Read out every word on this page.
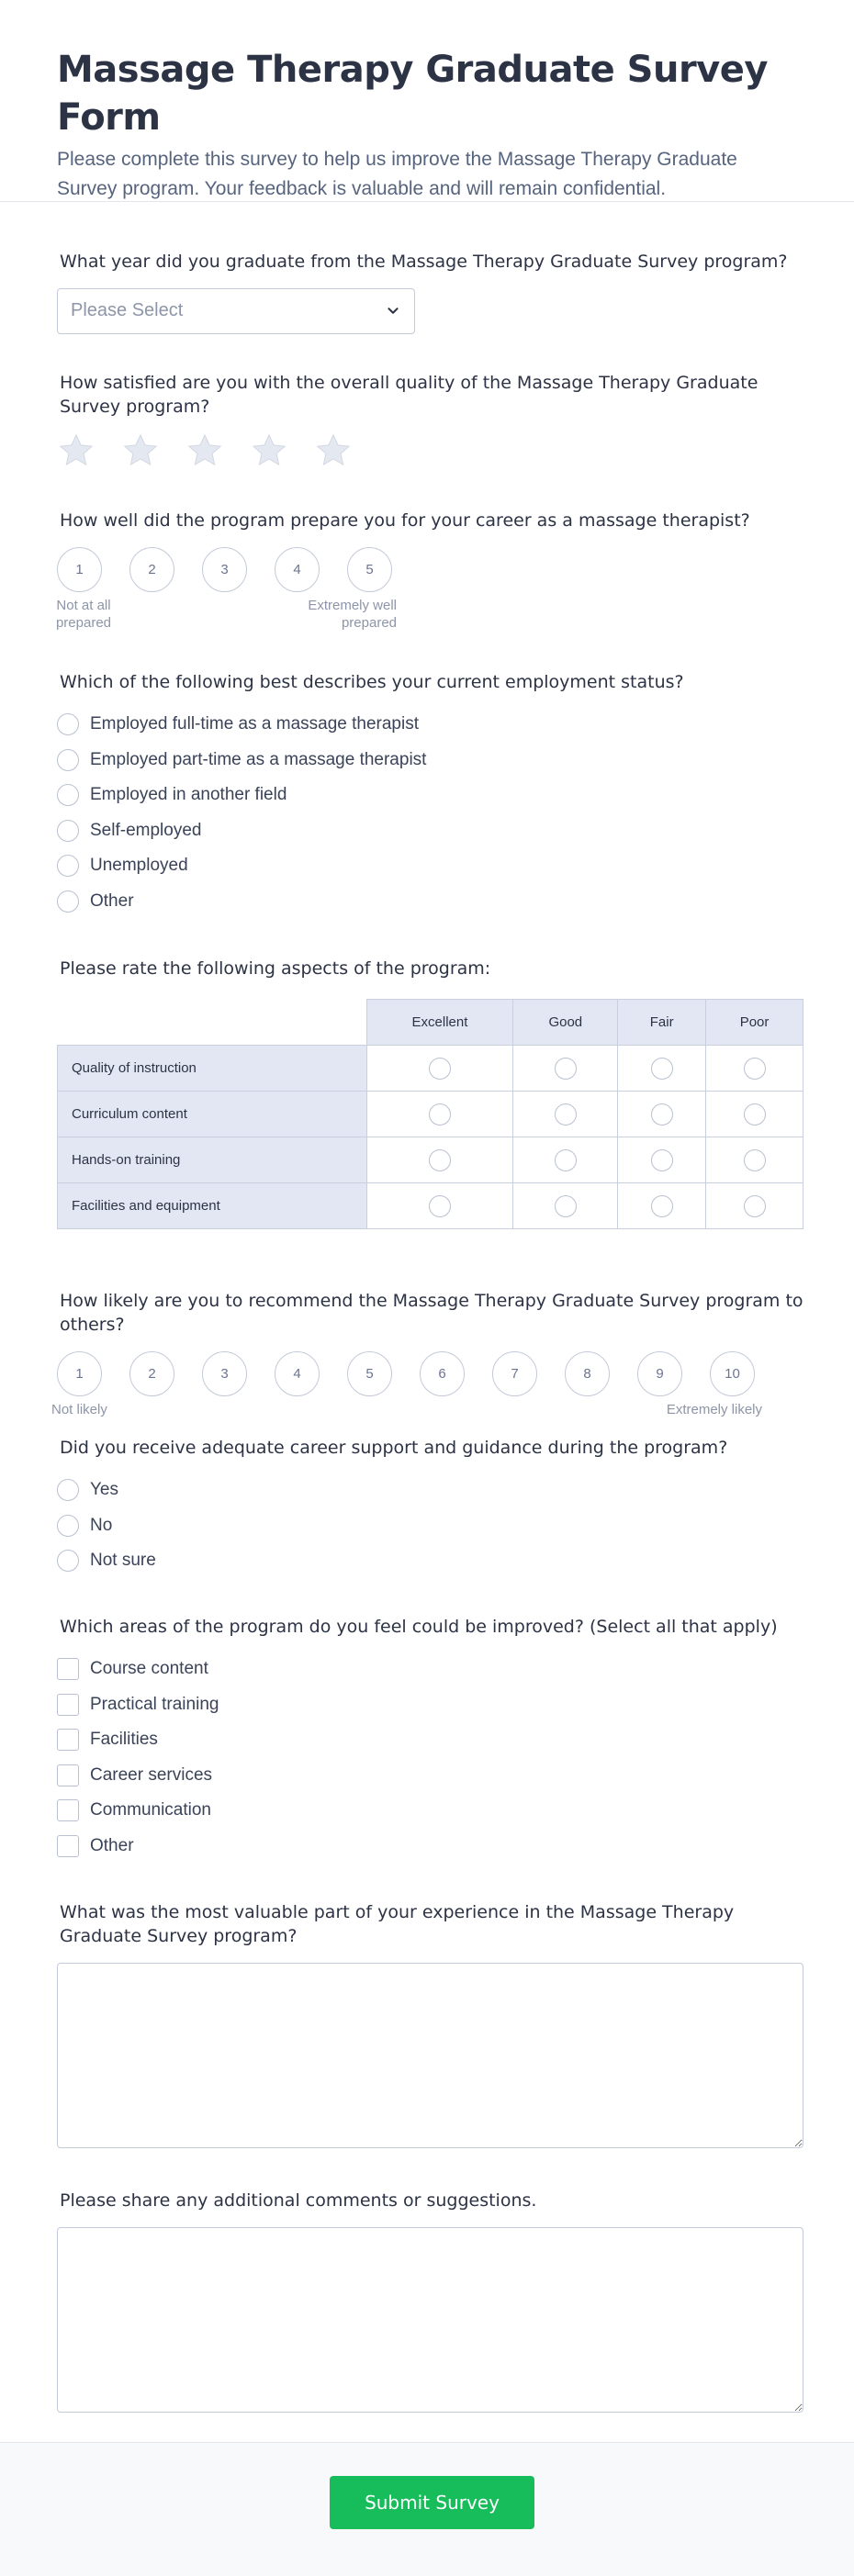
Massage Therapy Graduate Survey Form

Please complete this survey to help us improve the Massage Therapy Graduate Survey program. Your feedback is valuable and will remain confidential.

What year did you graduate from the Massage Therapy Graduate Survey program?
Please Select
How satisfied are you with the overall quality of the Massage Therapy Graduate Survey program?
How well did the program prepare you for your career as a massage therapist?
1	2	3	4	5
Not at all prepared
Extremely well prepared
Which of the following best describes your current employment status?
Employed full-time as a massage therapist
Employed part-time as a massage therapist
Employed in another field
Self-employed
Unemployed
Other
Please rate the following aspects of the program:
	Excellent	Good	Fair	Poor
Quality of instruction				
Curriculum content				
Hands-on training				
Facilities and equipment				
How likely are you to recommend the Massage Therapy Graduate Survey program to others?
1	2	3	4	5	6	7	8	9	10
Not likely	Extremely likely
Did you receive adequate career support and guidance during the program?
Yes
No
Not sure
Which areas of the program do you feel could be improved? (Select all that apply)
Course content
Practical training
Facilities
Career services
Communication
Other
What was the most valuable part of your experience in the Massage Therapy Graduate Survey program?
Please share any additional comments or suggestions.
Submit Survey
